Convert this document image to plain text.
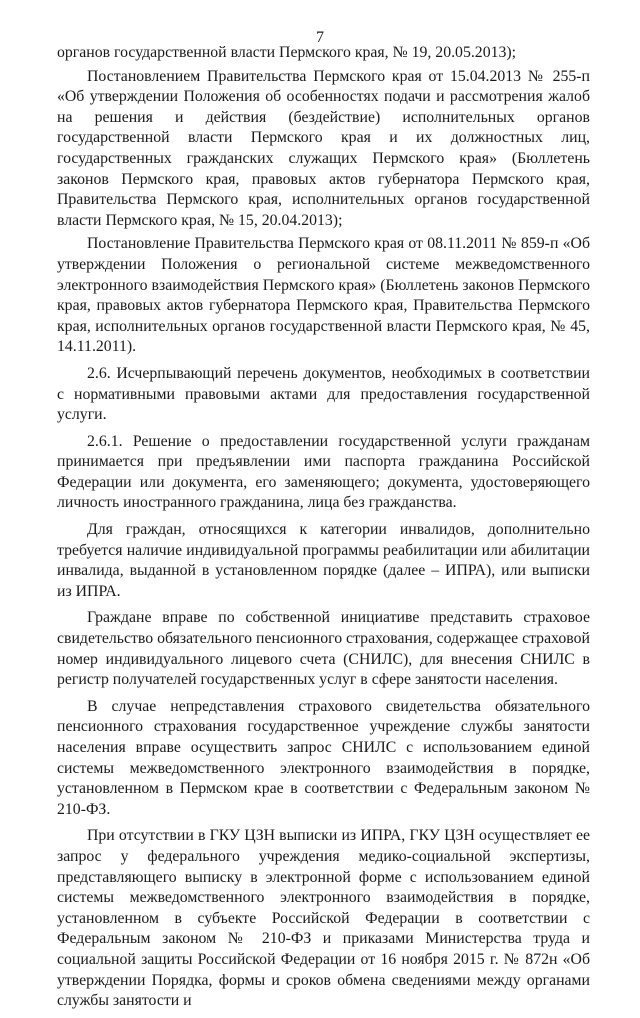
7

органов государственной власти Пермского края, № 19, 20.05.2013);

Постановлением Правительства Пермского края от 15.04.2013 № 255-п «Об утверждении Положения об особенностях подачи и рассмотрения жалоб на решения и действия (бездействие) исполнительных органов государственной власти Пермского края и их должностных лиц, государственных гражданских служащих Пермского края» (Бюллетень законов Пермского края, правовых актов губернатора Пермского края, Правительства Пермского края, исполнительных органов государственной власти Пермского края, № 15, 20.04.2013);

Постановление Правительства Пермского края от 08.11.2011 № 859-п «Об утверждении Положения о региональной системе межведомственного электронного взаимодействия Пермского края» (Бюллетень законов Пермского края, правовых актов губернатора Пермского края, Правительства Пермского края, исполнительных органов государственной власти Пермского края, № 45, 14.11.2011).

2.6. Исчерпывающий перечень документов, необходимых в соответствии с нормативными правовыми актами для предоставления государственной услуги.

2.6.1. Решение о предоставлении государственной услуги гражданам принимается при предъявлении ими паспорта гражданина Российской Федерации или документа, его заменяющего; документа, удостоверяющего личность иностранного гражданина, лица без гражданства.

Для граждан, относящихся к категории инвалидов, дополнительно требуется наличие индивидуальной программы реабилитации или абилитации инвалида, выданной в установленном порядке (далее – ИПРА), или выписки из ИПРА.

Граждане вправе по собственной инициативе представить страховое свидетельство обязательного пенсионного страхования, содержащее страховой номер индивидуального лицевого счета (СНИЛС), для внесения СНИЛС в регистр получателей государственных услуг в сфере занятости населения.

В случае непредставления страхового свидетельства обязательного пенсионного страхования государственное учреждение службы занятости населения вправе осуществить запрос СНИЛС с использованием единой системы межведомственного электронного взаимодействия в порядке, установленном в Пермском крае в соответствии с Федеральным законом № 210-ФЗ.

При отсутствии в ГКУ ЦЗН выписки из ИПРА, ГКУ ЦЗН осуществляет ее запрос у федерального учреждения медико-социальной экспертизы, представляющего выписку в электронной форме с использованием единой системы межведомственного электронного взаимодействия в порядке, установленном в субъекте Российской Федерации в соответствии с Федеральным законом № 210-ФЗ и приказами Министерства труда и социальной защиты Российской Федерации от 16 ноября 2015 г. № 872н «Об утверждении Порядка, формы и сроков обмена сведениями между органами службы занятости и
